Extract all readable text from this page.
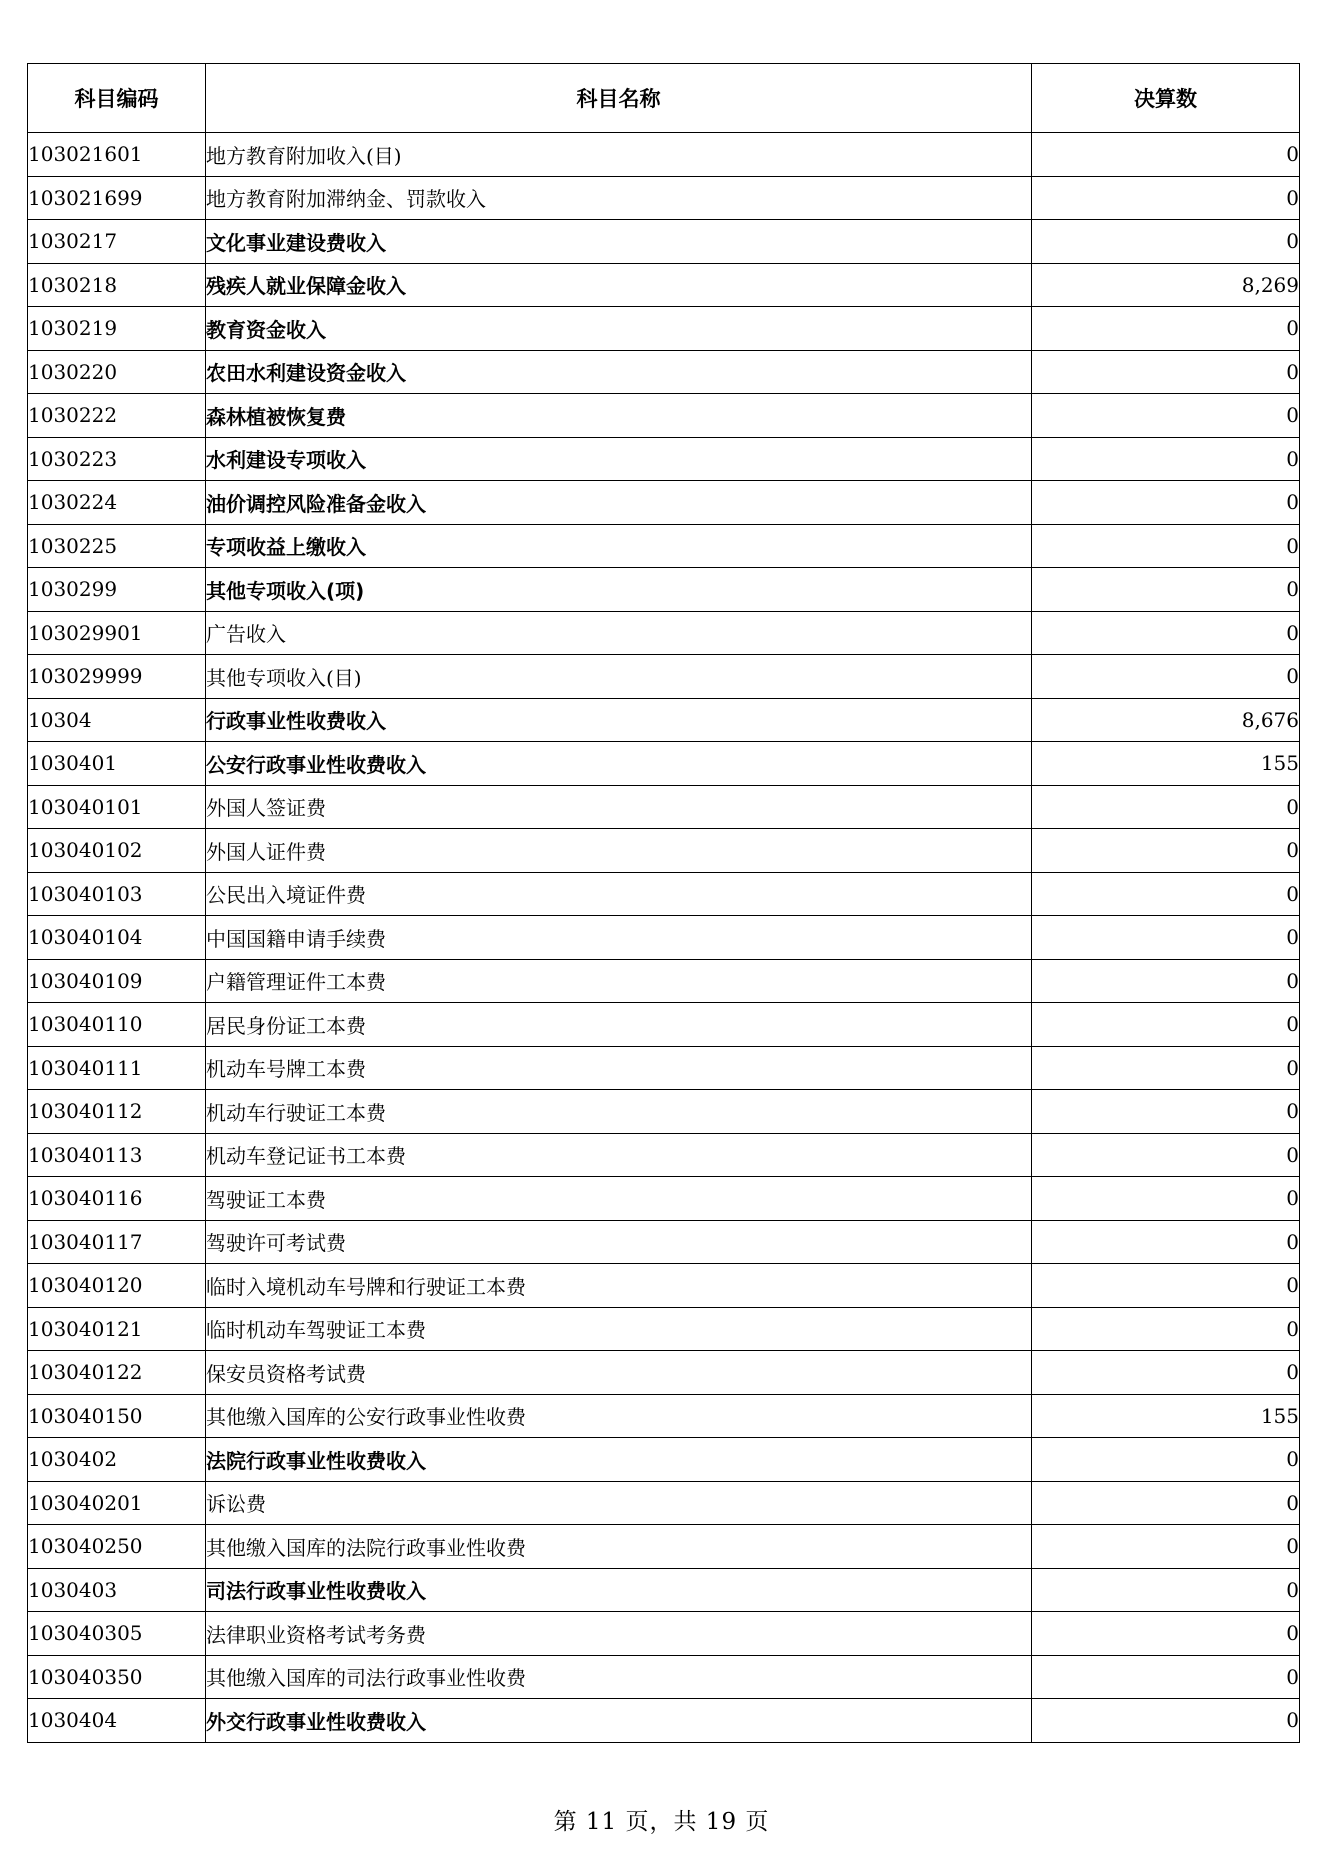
科目编码	科目名称	决算数
103021601	地方教育附加收入(目)	0
103021699	地方教育附加滞纳金、罚款收入	0
1030217	文化事业建设费收入	0
1030218	残疾人就业保障金收入	8,269
1030219	教育资金收入	0
1030220	农田水利建设资金收入	0
1030222	森林植被恢复费	0
1030223	水利建设专项收入	0
1030224	油价调控风险准备金收入	0
1030225	专项收益上缴收入	0
1030299	其他专项收入(项)	0
103029901	广告收入	0
103029999	其他专项收入(目)	0
10304	行政事业性收费收入	8,676
1030401	公安行政事业性收费收入	155
103040101	外国人签证费	0
103040102	外国人证件费	0
103040103	公民出入境证件费	0
103040104	中国国籍申请手续费	0
103040109	户籍管理证件工本费	0
103040110	居民身份证工本费	0
103040111	机动车号牌工本费	0
103040112	机动车行驶证工本费	0
103040113	机动车登记证书工本费	0
103040116	驾驶证工本费	0
103040117	驾驶许可考试费	0
103040120	临时入境机动车号牌和行驶证工本费	0
103040121	临时机动车驾驶证工本费	0
103040122	保安员资格考试费	0
103040150	其他缴入国库的公安行政事业性收费	155
1030402	法院行政事业性收费收入	0
103040201	诉讼费	0
103040250	其他缴入国库的法院行政事业性收费	0
1030403	司法行政事业性收费收入	0
103040305	法律职业资格考试考务费	0
103040350	其他缴入国库的司法行政事业性收费	0
1030404	外交行政事业性收费收入	0
第 11 页，共 19 页
